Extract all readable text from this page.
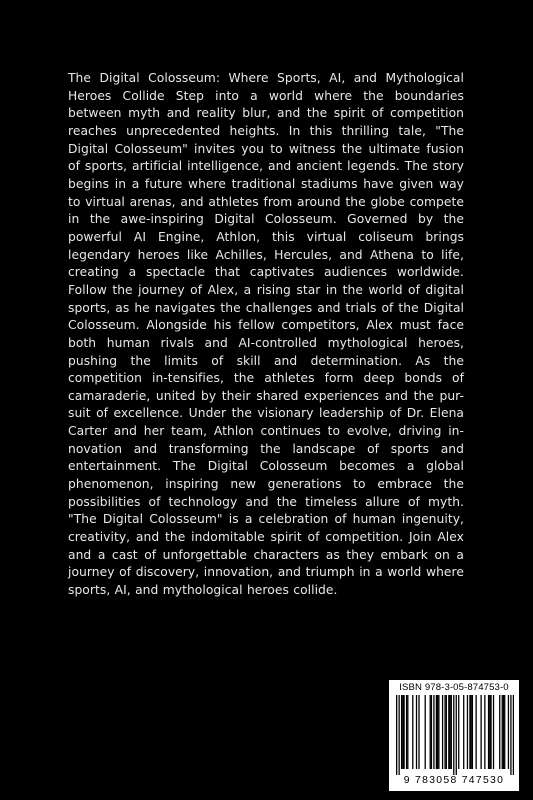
The Digital Colosseum: Where Sports, AI, and Mythological Heroes Collide Step into a world where the boundaries between myth and reality blur, and the spirit of competition reaches unprecedented heights. In this thrilling tale, "The Digital Colosseum" invites you to witness the ultimate fusion of sports, artificial intelligence, and ancient legends. The story begins in a future where traditional stadiums have given way to virtual arenas, and athletes from around the globe compete in the awe-inspiring Digital Colosseum. Governed by the powerful AI Engine, Athlon, this virtual coliseum brings legendary heroes like Achilles, Hercules, and Athena to life, creating a spectacle that captivates audiences worldwide. Follow the journey of Alex, a rising star in the world of digital sports, as he navigates the challenges and trials of the Digital Colosseum. Alongside his fellow competitors, Alex must face both human rivals and AI-controlled mythological heroes, pushing the limits of skill and determination. As the competition in-tensifies, the athletes form deep bonds of camaraderie, united by their shared experiences and the pur-suit of excellence. Under the visionary leadership of Dr. Elena Carter and her team, Athlon continues to evolve, driving in-novation and transforming the landscape of sports and entertainment. The Digital Colosseum becomes a global phenomenon, inspiring new generations to embrace the possibilities of technology and the timeless allure of myth. "The Digital Colosseum" is a celebration of human ingenuity, creativity, and the indomitable spirit of competition. Join Alex and a cast of unforgettable characters as they embark on a journey of discovery, innovation, and triumph in a world where sports, AI, and mythological heroes collide.

ISBN 978-3-05-874753-0
9 783058 747530
